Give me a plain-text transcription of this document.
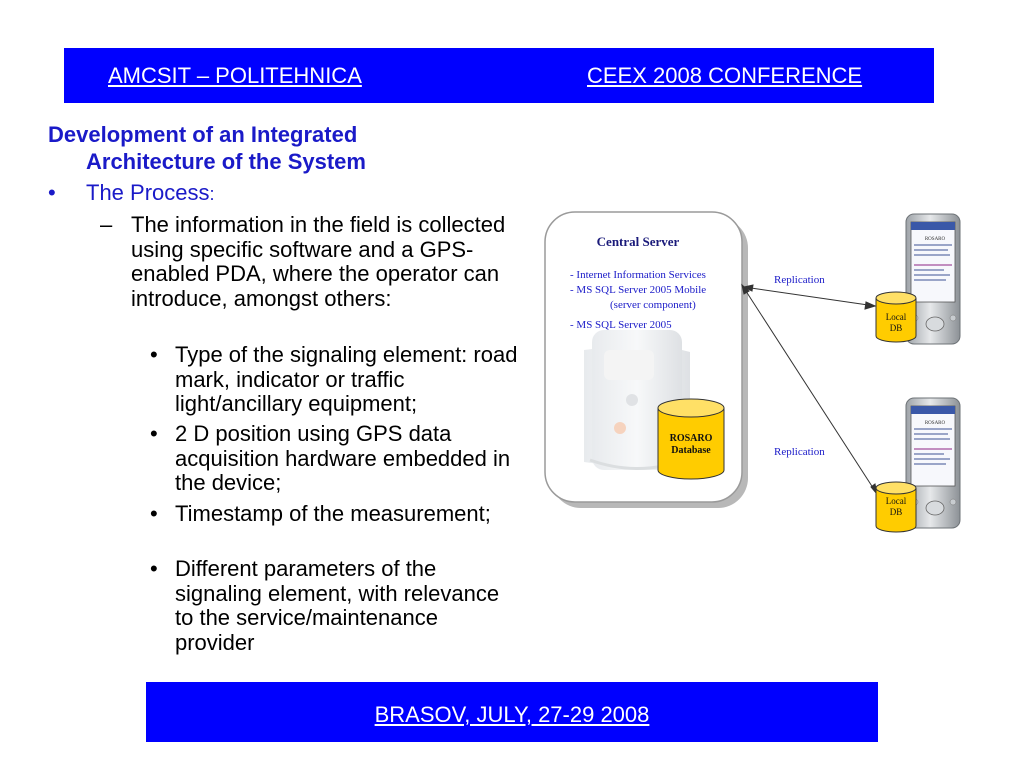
AMCSIT – POLITEHNICA	CEEX 2008 CONFERENCE
Development of an Integrated
Architecture of the System
• The Process:
– The information in the field is collected using specific software and a GPS-enabled PDA, where the operator can introduce, amongst others:
• Type of the signaling element: road mark, indicator or traffic light/ancillary equipment;
• 2 D position using GPS data acquisition hardware embedded in the device;
• Timestamp of the measurement;
• Different parameters of the signaling element, with relevance to the service/maintenance provider
Central Server
- Internet Information Services
- MS SQL Server 2005 Mobile
(server component)
- MS SQL Server 2005
ROSARO
Database
Replication
Replication
ROSARO
ROSARO
Local
DB
Local
DB
BRASOV, JULY, 27-29 2008
